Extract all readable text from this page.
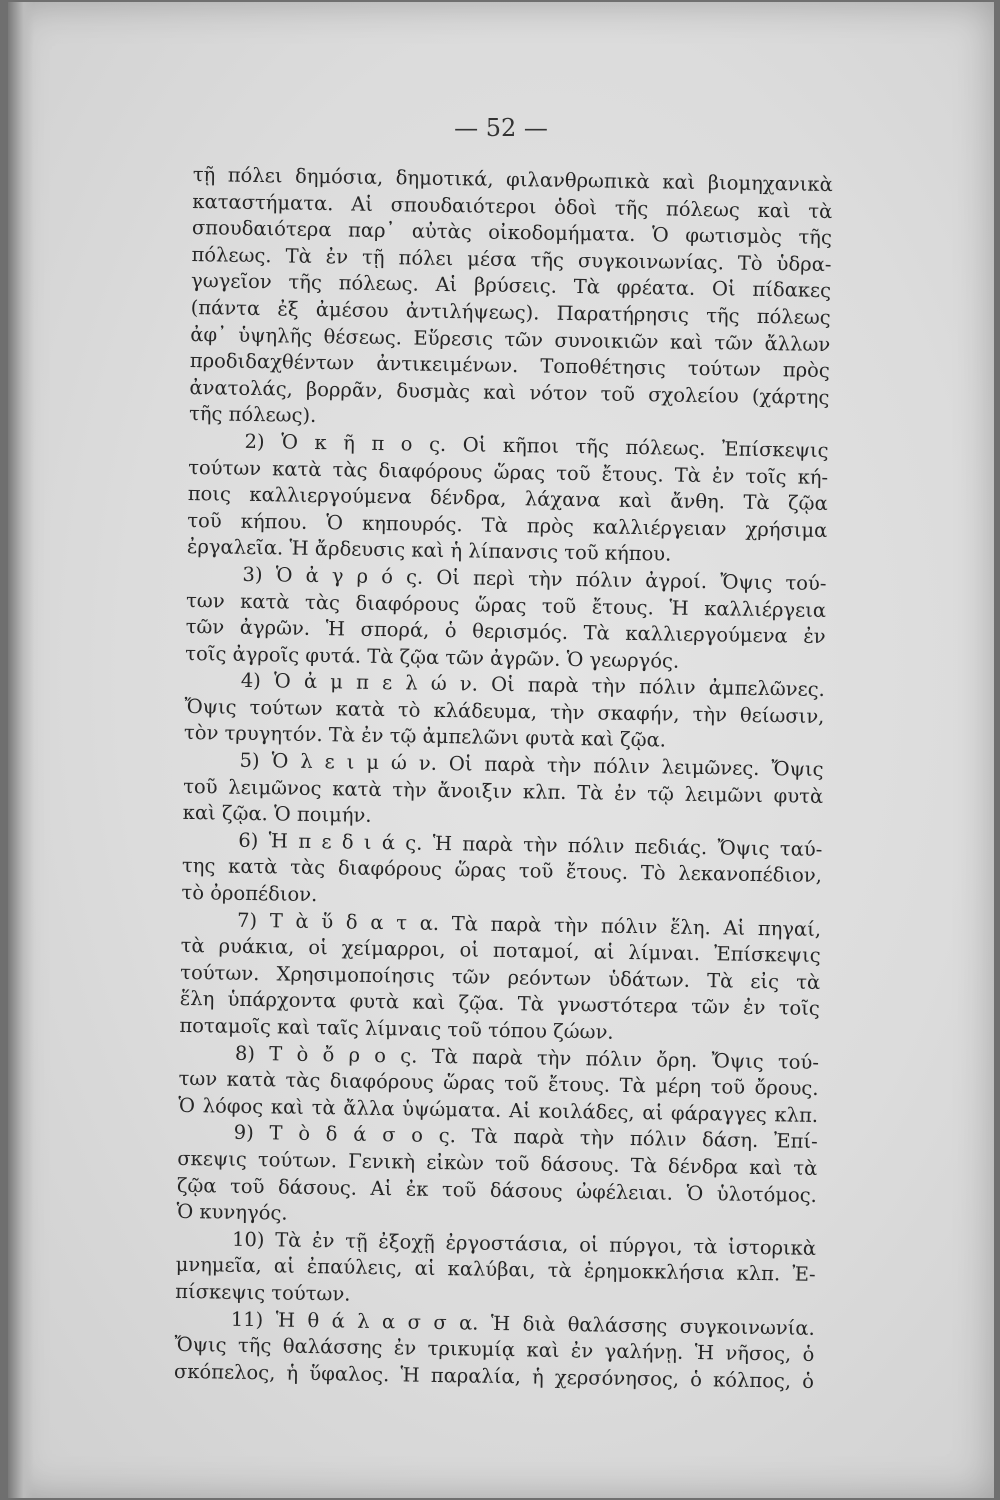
— 52 —

τῇ πόλει δημόσια, δημοτικά, φιλανθρωπικὰ καὶ βιομηχανικὰ
καταστήματα. Αἱ σπουδαιότεροι ὁδοὶ τῆς πόλεως καὶ τὰ
σπουδαιότερα παρ᾽ αὐτὰς οἰκοδομήματα. Ὁ φωτισμὸς τῆς
πόλεως. Τὰ ἐν τῇ πόλει μέσα τῆς συγκοινωνίας. Τὸ ὑδρα-
γωγεῖον τῆς πόλεως. Αἱ βρύσεις. Τὰ φρέατα. Οἱ πίδακες
(πάντα ἐξ ἀμέσου ἀντιλήψεως). Παρατήρησις τῆς πόλεως
ἀφ᾽ ὑψηλῆς θέσεως. Εὕρεσις τῶν συνοικιῶν καὶ τῶν ἄλλων
προδιδαχθέντων ἀντικειμένων. Τοποθέτησις τούτων πρὸς
ἀνατολάς, βορρᾶν, δυσμὰς καὶ νότον τοῦ σχολείου (χάρτης
τῆς πόλεως).
2) Ὁ κ ῆ π ο ς. Οἱ κῆποι τῆς πόλεως. Ἐπίσκεψις
τούτων κατὰ τὰς διαφόρους ὥρας τοῦ ἔτους. Τὰ ἐν τοῖς κή-
ποις καλλιεργούμενα δένδρα, λάχανα καὶ ἄνθη. Τὰ ζῷα
τοῦ κήπου. Ὁ κηπουρός. Τὰ πρὸς καλλιέργειαν χρήσιμα
ἐργαλεῖα. Ἡ ἄρδευσις καὶ ἡ λίπανσις τοῦ κήπου.
3) Ὁ ἀ γ ρ ό ς. Οἱ περὶ τὴν πόλιν ἀγροί. Ὄψις τού-
των κατὰ τὰς διαφόρους ὥρας τοῦ ἔτους. Ἡ καλλιέργεια
τῶν ἀγρῶν. Ἡ σπορά, ὁ θερισμός. Τὰ καλλιεργούμενα ἐν
τοῖς ἀγροῖς φυτά. Τὰ ζῷα τῶν ἀγρῶν. Ὁ γεωργός.
4) Ὁ ἀ μ π ε λ ώ ν. Οἱ παρὰ τὴν πόλιν ἀμπελῶνες.
Ὄψις τούτων κατὰ τὸ κλάδευμα, τὴν σκαφήν, τὴν θείωσιν,
τὸν τρυγητόν. Τὰ ἐν τῷ ἀμπελῶνι φυτὰ καὶ ζῷα.
5) Ὁ λ ε ι μ ώ ν. Οἱ παρὰ τὴν πόλιν λειμῶνες. Ὄψις
τοῦ λειμῶνος κατὰ τὴν ἄνοιξιν κλπ. Τὰ ἐν τῷ λειμῶνι φυτὰ
καὶ ζῷα. Ὁ ποιμήν.
6) Ἡ π ε δ ι ά ς. Ἡ παρὰ τὴν πόλιν πεδιάς. Ὄψις ταύ-
της κατὰ τὰς διαφόρους ὥρας τοῦ ἔτους. Τὸ λεκανοπέδιον,
τὸ ὀροπέδιον.
7) Τ ὰ ὕ δ α τ α. Τὰ παρὰ τὴν πόλιν ἕλη. Αἱ πηγαί,
τὰ ρυάκια, οἱ χείμαρροι, οἱ ποταμοί, αἱ λίμναι. Ἐπίσκεψις
τούτων. Χρησιμοποίησις τῶν ρεόντων ὑδάτων. Τὰ εἰς τὰ
ἕλη ὑπάρχοντα φυτὰ καὶ ζῷα. Τὰ γνωστότερα τῶν ἐν τοῖς
ποταμοῖς καὶ ταῖς λίμναις τοῦ τόπου ζώων.
8) Τ ὸ ὄ ρ ο ς. Τὰ παρὰ τὴν πόλιν ὄρη. Ὄψις τού-
των κατὰ τὰς διαφόρους ὥρας τοῦ ἔτους. Τὰ μέρη τοῦ ὄρους.
Ὁ λόφος καὶ τὰ ἄλλα ὑψώματα. Αἱ κοιλάδες, αἱ φάραγγες κλπ.
9) Τ ὸ δ ά σ ο ς. Τὰ παρὰ τὴν πόλιν δάση. Ἐπί-
σκεψις τούτων. Γενικὴ εἰκὼν τοῦ δάσους. Τὰ δένδρα καὶ τὰ
ζῷα τοῦ δάσους. Αἱ ἐκ τοῦ δάσους ὠφέλειαι. Ὁ ὑλοτόμος.
Ὁ κυνηγός.
10) Τὰ ἐν τῇ ἐξοχῇ ἐργοστάσια, οἱ πύργοι, τὰ ἱστορικὰ
μνημεῖα, αἱ ἐπαύλεις, αἱ καλύβαι, τὰ ἐρημοκκλήσια κλπ. Ἐ-
πίσκεψις τούτων.
11) Ἡ θ ά λ α σ σ α. Ἡ διὰ θαλάσσης συγκοινωνία.
Ὄψις τῆς θαλάσσης ἐν τρικυμίᾳ καὶ ἐν γαλήνῃ. Ἡ νῆσος, ὁ
σκόπελος, ἡ ὕφαλος. Ἡ παραλία, ἡ χερσόνησος, ὁ κόλπος, ὁ
